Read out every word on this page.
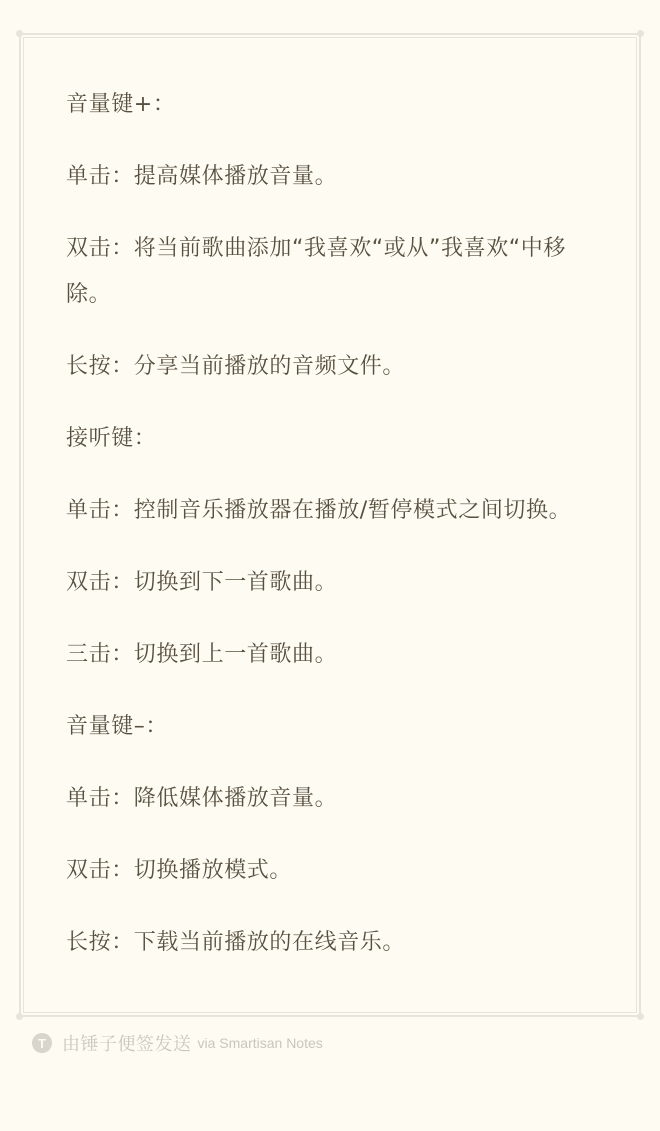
音量键+：

单击：提高媒体播放音量。

双击：将当前歌曲添加“我喜欢“或从”我喜欢“中移除。

长按：分享当前播放的音频文件。

接听键：

单击：控制音乐播放器在播放/暂停模式之间切换。

双击：切换到下一首歌曲。

三击：切换到上一首歌曲。

音量键–：

单击：降低媒体播放音量。

双击：切换播放模式。

长按：下载当前播放的在线音乐。

T 由锤子便签发送 via Smartisan Notes
